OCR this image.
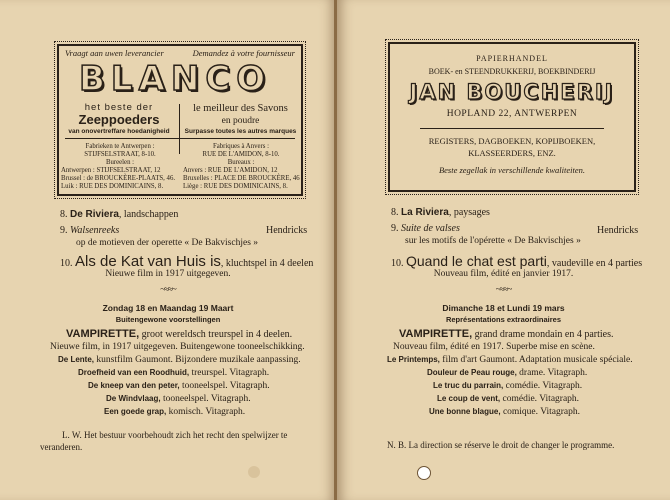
Vraagt aan uwen leverancier	Demandez à votre fournisseur
BLANCO
het beste der
Zeeppoeders
van onovertreffare hoedanigheid
le meilleur des Savons
en poudre
Surpasse toutes les autres marques
Fabrieken te Antwerpen :
STIJFSELSTRAAT, 8-10.
Bureelen :
Antwerpen : STIJFSELSTRAAT, 12
Brussel : de BROUCKÈRE-PLAATS, 46.
Luik : RUE DES DOMINICAINS, 8.
Fabriques à Anvers :
RUE DE L'AMIDON, 8-10.
Bureaux :
Anvers : RUE DE L'AMIDON, 12
Bruxelles : PLACE DE BROUCKÈRE, 46
Liège : RUE DES DOMINICAINS, 8.
8. De Riviera, landschappen
9. Walsenreeks	Hendricks
op de motieven der operette « De Bakvischjes »
10. Als de Kat van Huis is, kluchtspel in 4 deelen
Nieuwe film in 1917 uitgegeven.
~≈≈~
Zondag 18 en Maandag 19 Maart
Buitengewone voorstellingen
VAMPIRETTE, groot wereldsch treurspel in 4 deelen.
Nieuwe film, in 1917 uitgegeven. Buitengewone tooneelschikking.
De Lente, kunstfilm Gaumont. Bijzondere muzikale aanpassing.
Droefheid van een Roodhuid, treurspel. Vitagraph.
De kneep van den peter, tooneelspel. Vitagraph.
De Windvlaag, tooneelspel. Vitagraph.
Een goede grap, komisch. Vitagraph.
L. W. Het bestuur voorbehoudt zich het recht den spelwijzer te
veranderen.
PAPIERHANDEL
BOEK- en STEENDRUKKERIJ, BOEKBINDERIJ
JAN BOUCHERIJ
HOPLAND 22, ANTWERPEN
REGISTERS, DAGBOEKEN, KOPIJBOEKEN,
KLASSEERDERS, ENZ.
Beste zegellak in verschillende kwaliteiten.
8. La Riviera, paysages
9. Suite de valses	Hendricks
sur les motifs de l'opérette « De Bakvischjes »
10. Quand le chat est parti, vaudeville en 4 parties
Nouveau film, édité en janvier 1917.
~≈≈~
Dimanche 18 et Lundi 19 mars
Représentations extraordinaires
VAMPIRETTE, grand drame mondain en 4 parties.
Nouveau film, édité en 1917. Superbe mise en scène.
Le Printemps, film d'art Gaumont. Adaptation musicale spéciale.
Douleur de Peau rouge, drame. Vitagraph.
Le truc du parrain, comédie. Vitagraph.
Le coup de vent, comédie. Vitagraph.
Une bonne blague, comique. Vitagraph.
N. B. La direction se réserve le droit de changer le programme.
